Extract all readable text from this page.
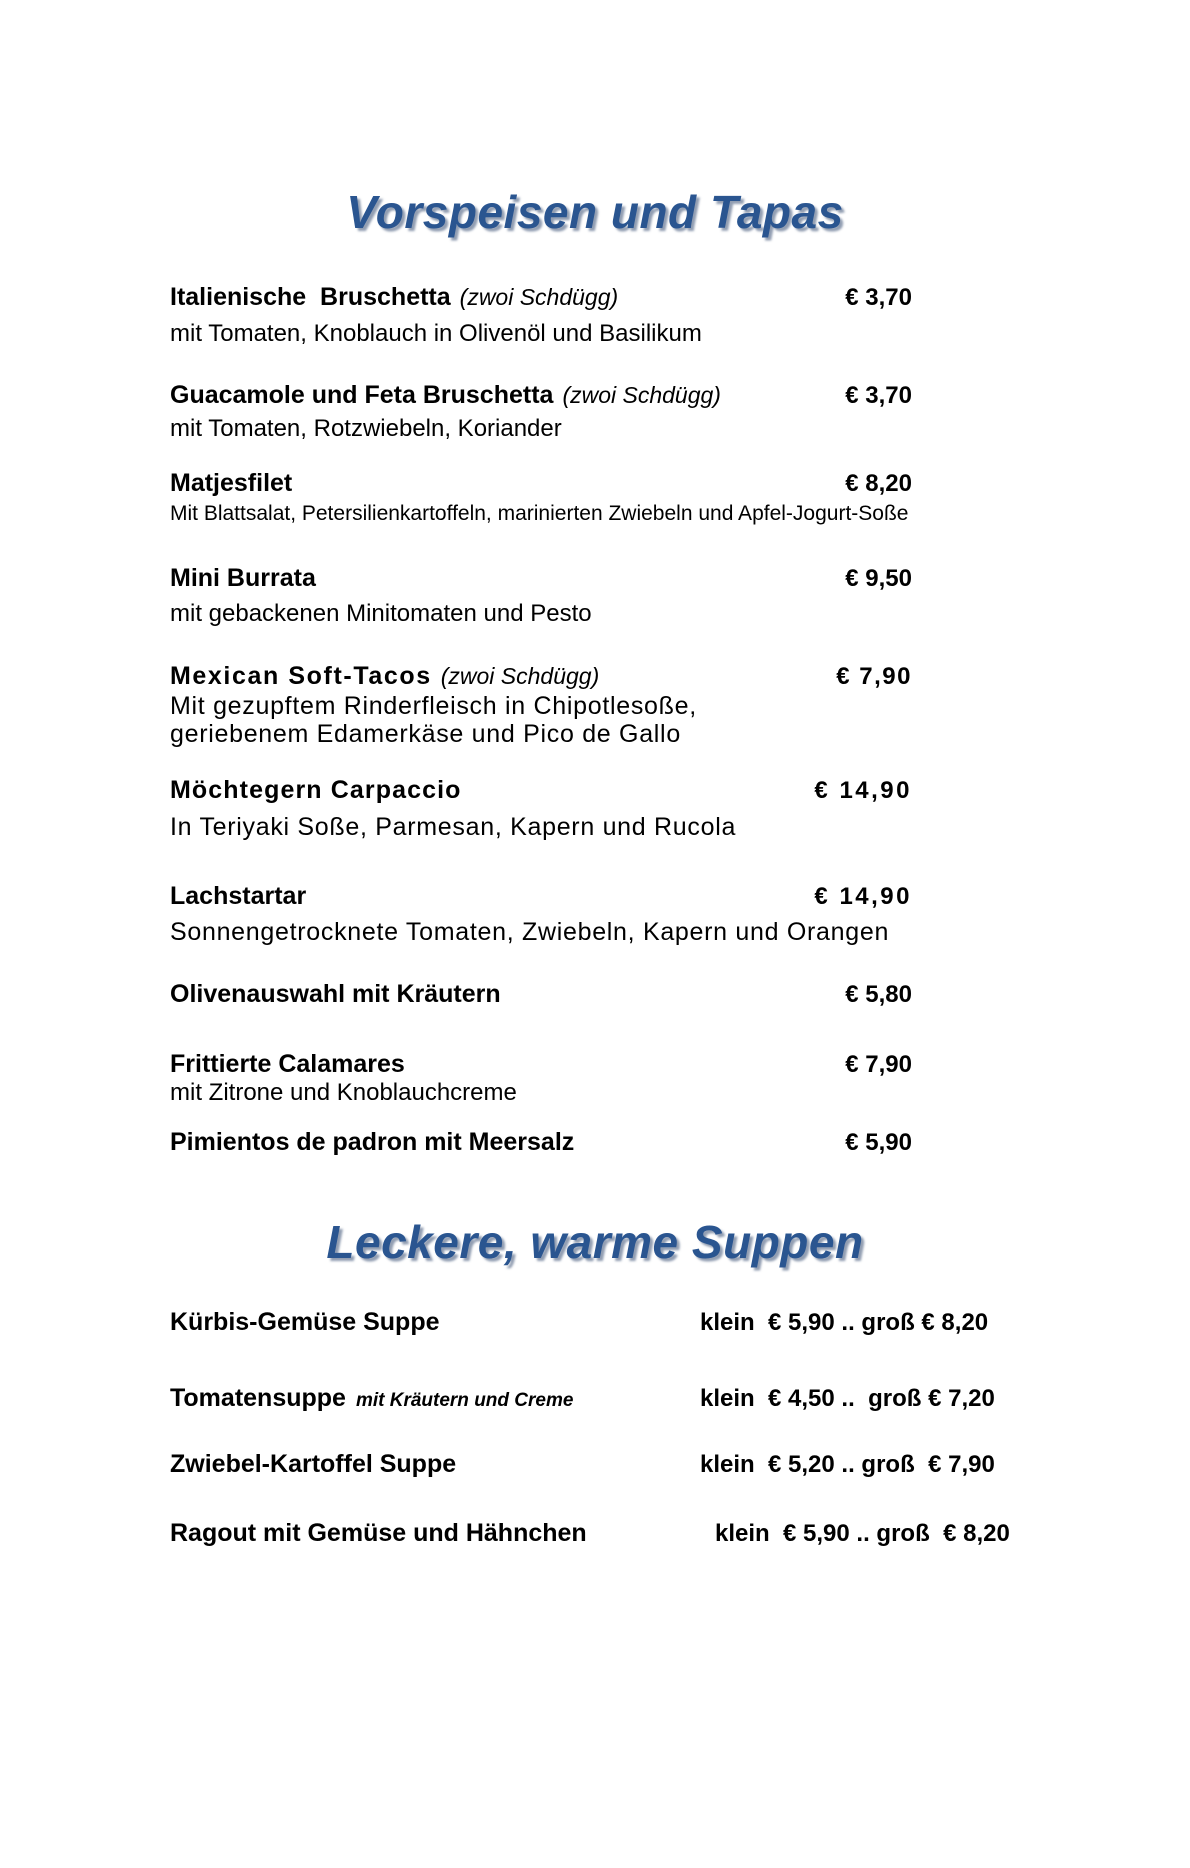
Vorspeisen und Tapas
Italienische  Bruschetta (zwoi Schdügg)	€ 3,70
mit Tomaten, Knoblauch in Olivenöl und Basilikum
Guacamole und Feta Bruschetta (zwoi Schdügg)	€ 3,70
mit Tomaten, Rotzwiebeln, Koriander
Matjesfilet	€ 8,20
Mit Blattsalat, Petersilienkartoffeln, marinierten Zwiebeln und Apfel-Jogurt-Soße
Mini Burrata	€ 9,50
mit gebackenen Minitomaten und Pesto
Mexican Soft-Tacos (zwoi Schdügg)	€ 7,90
Mit gezupftem Rinderfleisch in Chipotlesoße,
geriebenem Edamerkäse und Pico de Gallo
Möchtegern Carpaccio	€ 14,90
In Teriyaki Soße, Parmesan, Kapern und Rucola
Lachstartar	€ 14,90
Sonnengetrocknete Tomaten, Zwiebeln, Kapern und Orangen
Olivenauswahl mit Kräutern	€ 5,80
Frittierte Calamares	€ 7,90
mit Zitrone und Knoblauchcreme
Pimientos de padron mit Meersalz	€ 5,90
Leckere, warme Suppen
Kürbis-Gemüse Suppe	klein  € 5,90 .. groß € 8,20
Tomatensuppe mit Kräutern und Creme	klein  € 4,50 ..  groß € 7,20
Zwiebel-Kartoffel Suppe	klein  € 5,20 .. groß  € 7,90
Ragout mit Gemüse und Hähnchen	klein  € 5,90 .. groß  € 8,20
